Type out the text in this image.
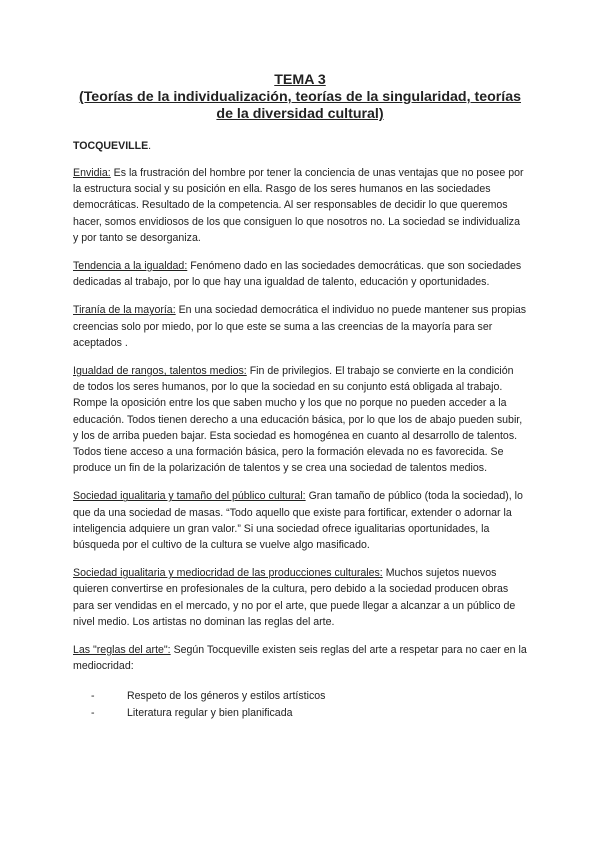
TEMA 3
(Teorías de la individualización, teorías de la singularidad, teorías de la diversidad cultural)

TOCQUEVILLE.

Envidia: Es la frustración del hombre por tener la conciencia de unas ventajas que no posee por la estructura social y su posición en ella. Rasgo de los seres humanos en las sociedades democráticas. Resultado de la competencia. Al ser responsables de decidir lo que queremos hacer, somos envidiosos de los que consiguen lo que nosotros no. La sociedad se individualiza y por tanto se desorganiza.

Tendencia a la igualdad: Fenómeno dado en las sociedades democráticas. que son sociedades dedicadas al trabajo, por lo que hay una igualdad de talento, educación y oportunidades.

Tiranía de la mayoría: En una sociedad democrática el individuo no puede mantener sus propias creencias solo por miedo, por lo que este se suma a las creencias de la mayoría para ser aceptados .

Igualdad de rangos, talentos medios: Fin de privilegios. El trabajo se convierte en la condición de todos los seres humanos, por lo que la sociedad en su conjunto está obligada al trabajo. Rompe la oposición entre los que saben mucho y los que no porque no pueden acceder a la educación. Todos tienen derecho a una educación básica, por lo que los de abajo pueden subir, y los de arriba pueden bajar. Esta sociedad es homogénea en cuanto al desarrollo de talentos. Todos tiene acceso a una formación básica, pero la formación elevada no es favorecida. Se produce un fin de la polarización de talentos y se crea una sociedad de talentos medios.

Sociedad igualitaria y tamaño del público cultural: Gran tamaño de público (toda la sociedad), lo que da una sociedad de masas. “Todo aquello que existe para fortificar, extender o adornar la inteligencia adquiere un gran valor.” Si una sociedad ofrece igualitarias oportunidades, la búsqueda por el cultivo de la cultura se vuelve algo masificado.

Sociedad igualitaria y mediocridad de las producciones culturales: Muchos sujetos nuevos quieren convertirse en profesionales de la cultura, pero debido a la sociedad producen obras para ser vendidas en el mercado, y no por el arte, que puede llegar a alcanzar a un público de nivel medio. Los artistas no dominan las reglas del arte.

Las "reglas del arte": Según Tocqueville existen seis reglas del arte a respetar para no caer en la mediocridad:

-	Respeto de los géneros y estilos artísticos
-	Literatura regular y bien planificada
